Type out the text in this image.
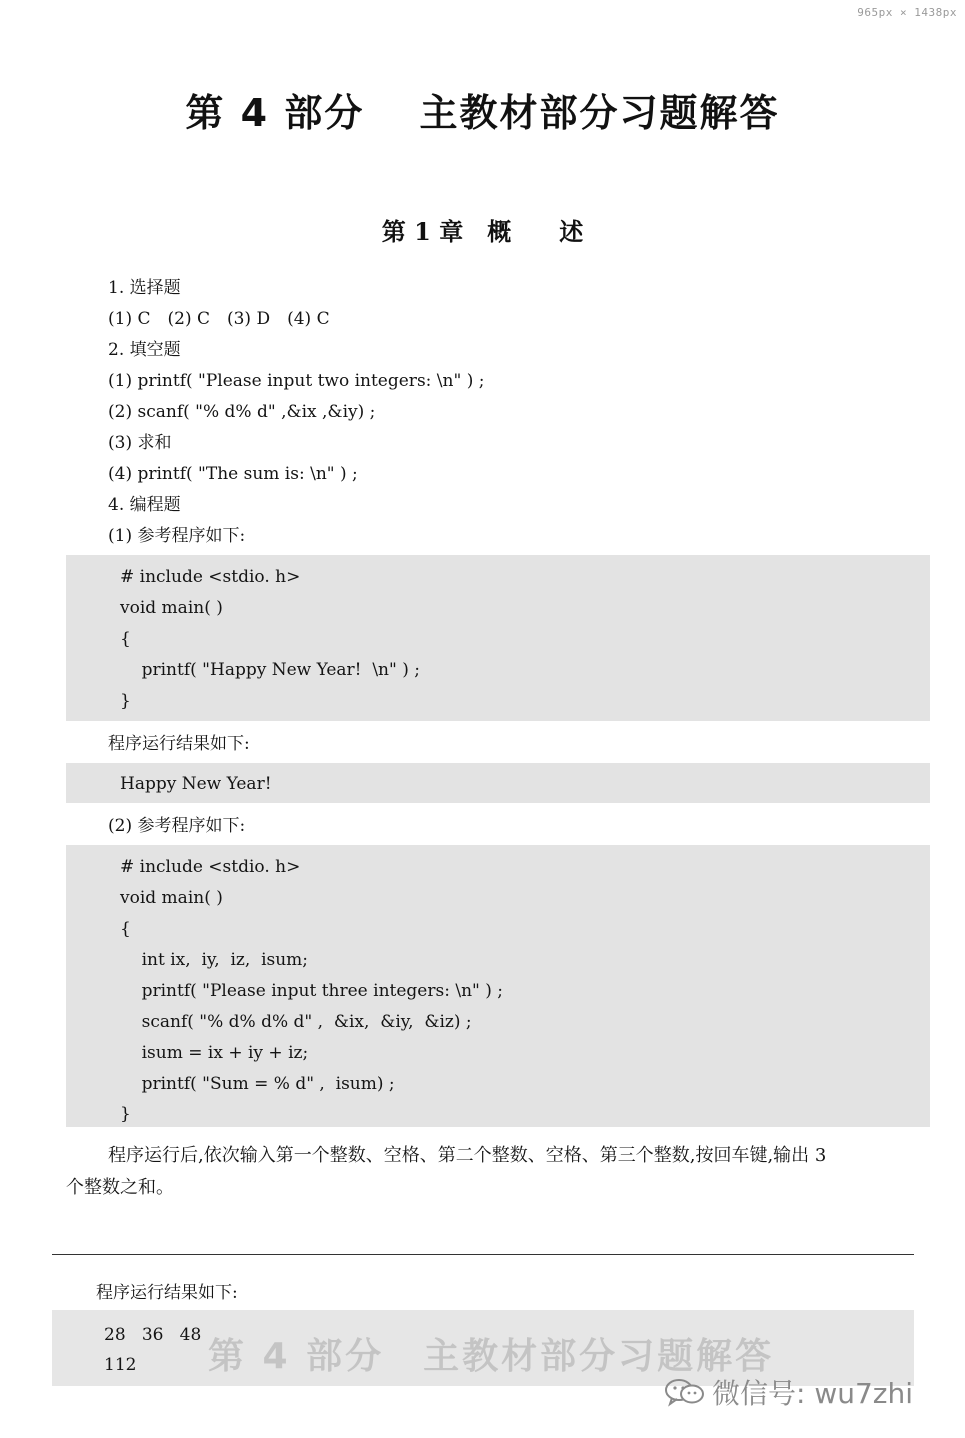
965px × 1438px
第 4 部分　 主教材部分习题解答
第 1 章　概　　述
1. 选择题
(1) C　(2) C　(3) D　(4) C
2. 填空题
(1) printf( "Please input two integers: \n" ) ;
(2) scanf( "% d% d" ,&ix ,&iy) ;
(3) 求和
(4) printf( "The sum is: \n" ) ;
4. 编程题
(1) 参考程序如下:
# include <stdio. h>
void main( )
{
printf( "Happy New Year!  \n" ) ;
}
程序运行结果如下:
Happy New Year!
(2) 参考程序如下:
# include <stdio. h>
void main( )
{
int ix,  iy,  iz,  isum;
printf( "Please input three integers: \n" ) ;
scanf( "% d% d% d" ,  &ix,  &iy,  &iz) ;
isum = ix + iy + iz;
printf( "Sum = % d" ,  isum) ;
}
程序运行后,依次输入第一个整数、空格、第二个整数、空格、第三个整数,按回车键,输出 3
个整数之和。
程序运行结果如下:
第 4 部分　主教材部分习题解答
28   36   48
112
微信号: wu7zhi
